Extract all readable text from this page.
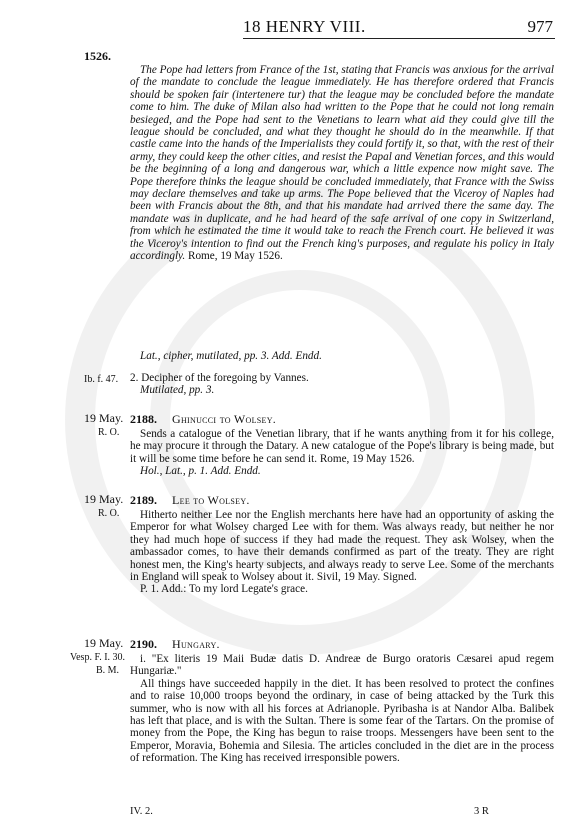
18 HENRY VIII.	977
1526.

The Pope had letters from France of the 1st, stating that Francis was anxious for the arrival of the mandate to conclude the league immediately. He has therefore ordered that Francis should be spoken fair (intertenere tur) that the league may be concluded before the mandate come to him. The duke of Milan also had written to the Pope that he could not long remain besieged, and the Pope had sent to the Venetians to learn what aid they could give till the league should be concluded, and what they thought he should do in the meanwhile. If that castle came into the hands of the Imperialists they could fortify it, so that, with the rest of their army, they could keep the other cities, and resist the Papal and Venetian forces, and this would be the beginning of a long and dangerous war, which a little expence now might save. The Pope therefore thinks the league should be concluded immediately, that France with the Swiss may declare themselves and take up arms. The Pope believed that the Viceroy of Naples had been with Francis about the 8th, and that his mandate had arrived there the same day. The mandate was in duplicate, and he had heard of the safe arrival of one copy in Switzerland, from which he estimated the time it would take to reach the French court. He believed it was the Viceroy's intention to find out the French king's purposes, and regulate his policy in Italy accordingly. Rome, 19 May 1526.

Lat., cipher, mutilated, pp. 3. Add. Endd.

Ib. f. 47. 2. Decipher of the foregoing by Vannes.

Mutilated, pp. 3.

19 May.
R. O.
2188. Ghinucci to Wolsey.

Sends a catalogue of the Venetian library, that if he wants anything from it for his college, he may procure it through the Datary. A new catalogue of the Pope's library is being made, but it will be some time before he can send it. Rome, 19 May 1526.

Hol., Lat., p. 1. Add. Endd.

19 May.
R. O.
2189. Lee to Wolsey.

Hitherto neither Lee nor the English merchants here have had an opportunity of asking the Emperor for what Wolsey charged Lee with for them. Was always ready, but neither he nor they had much hope of success if they had made the request. They ask Wolsey, when the ambassador comes, to have their demands confirmed as part of the treaty. They are right honest men, the King's hearty subjects, and always ready to serve Lee. Some of the merchants in England will speak to Wolsey about it. Sivil, 19 May. Signed.

P. 1. Add.: To my lord Legate's grace.

19 May.
Vesp. F. I. 30.
B. M.
2190. Hungary.

i. "Ex literis 19 Maii Budæ datis D. Andreæ de Burgo oratoris Cæsarei apud regem Hungariæ."

All things have succeeded happily in the diet. It has been resolved to protect the confines and to raise 10,000 troops beyond the ordinary, in case of being attacked by the Turk this summer, who is now with all his forces at Adrianople. Pyribasha is at Nandor Alba. Balibek has left that place, and is with the Sultan. There is some fear of the Tartars. On the promise of money from the Pope, the King has begun to raise troops. Messengers have been sent to the Emperor, Moravia, Bohemia and Silesia. The articles concluded in the diet are in the process of reformation. The King has received irresponsible powers.

IV. 2.	3 R
